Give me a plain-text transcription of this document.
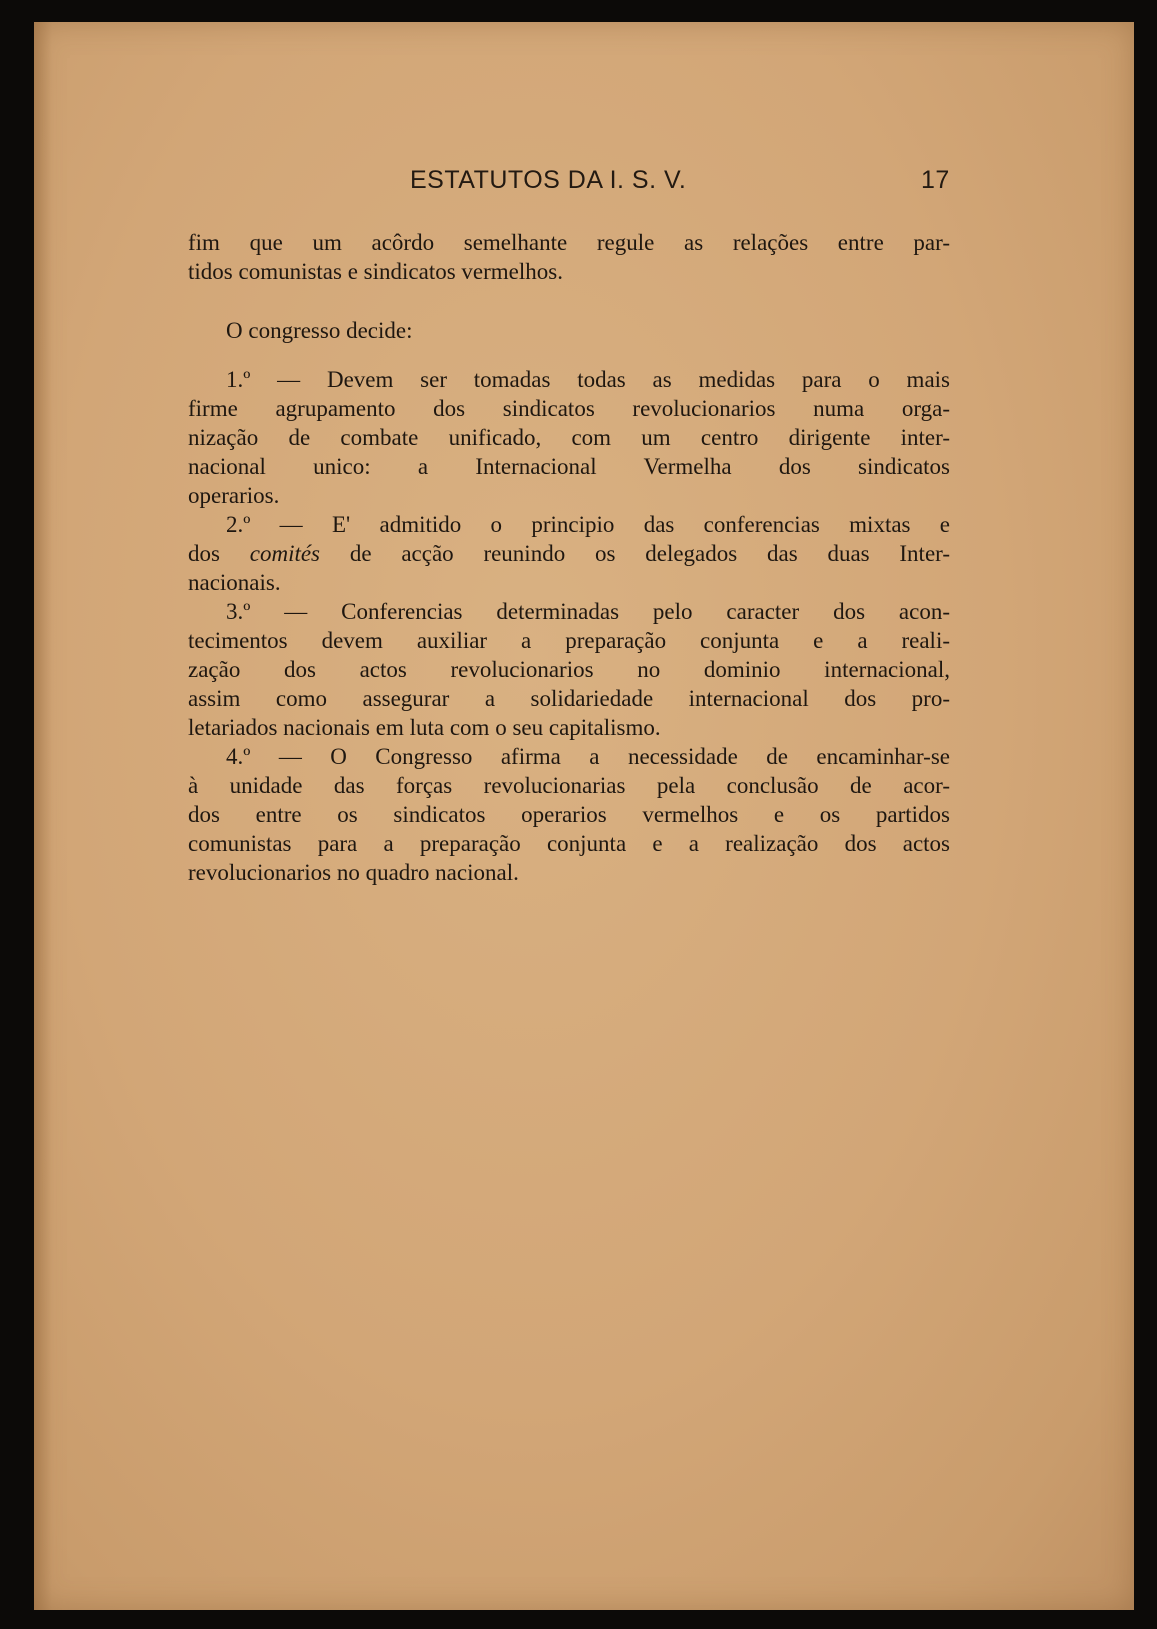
ESTATUTOS DA I. S. V.	17
fim que um acôrdo semelhante regule as relações entre par-
tidos comunistas e sindicatos vermelhos.
O congresso decide:
1.º — Devem ser tomadas todas as medidas para o mais
firme agrupamento dos sindicatos revolucionarios numa orga-
nização de combate unificado, com um centro dirigente inter-
nacional unico: a Internacional Vermelha dos sindicatos
operarios.
2.º — E' admitido o principio das conferencias mixtas e
dos comités de acção reunindo os delegados das duas Inter-
nacionais.
3.º — Conferencias determinadas pelo caracter dos acon-
tecimentos devem auxiliar a preparação conjunta e a reali-
zação dos actos revolucionarios no dominio internacional,
assim como assegurar a solidariedade internacional dos pro-
letariados nacionais em luta com o seu capitalismo.
4.º — O Congresso afirma a necessidade de encaminhar-se
à unidade das forças revolucionarias pela conclusão de acor-
dos entre os sindicatos operarios vermelhos e os partidos
comunistas para a preparação conjunta e a realização dos actos
revolucionarios no quadro nacional.
